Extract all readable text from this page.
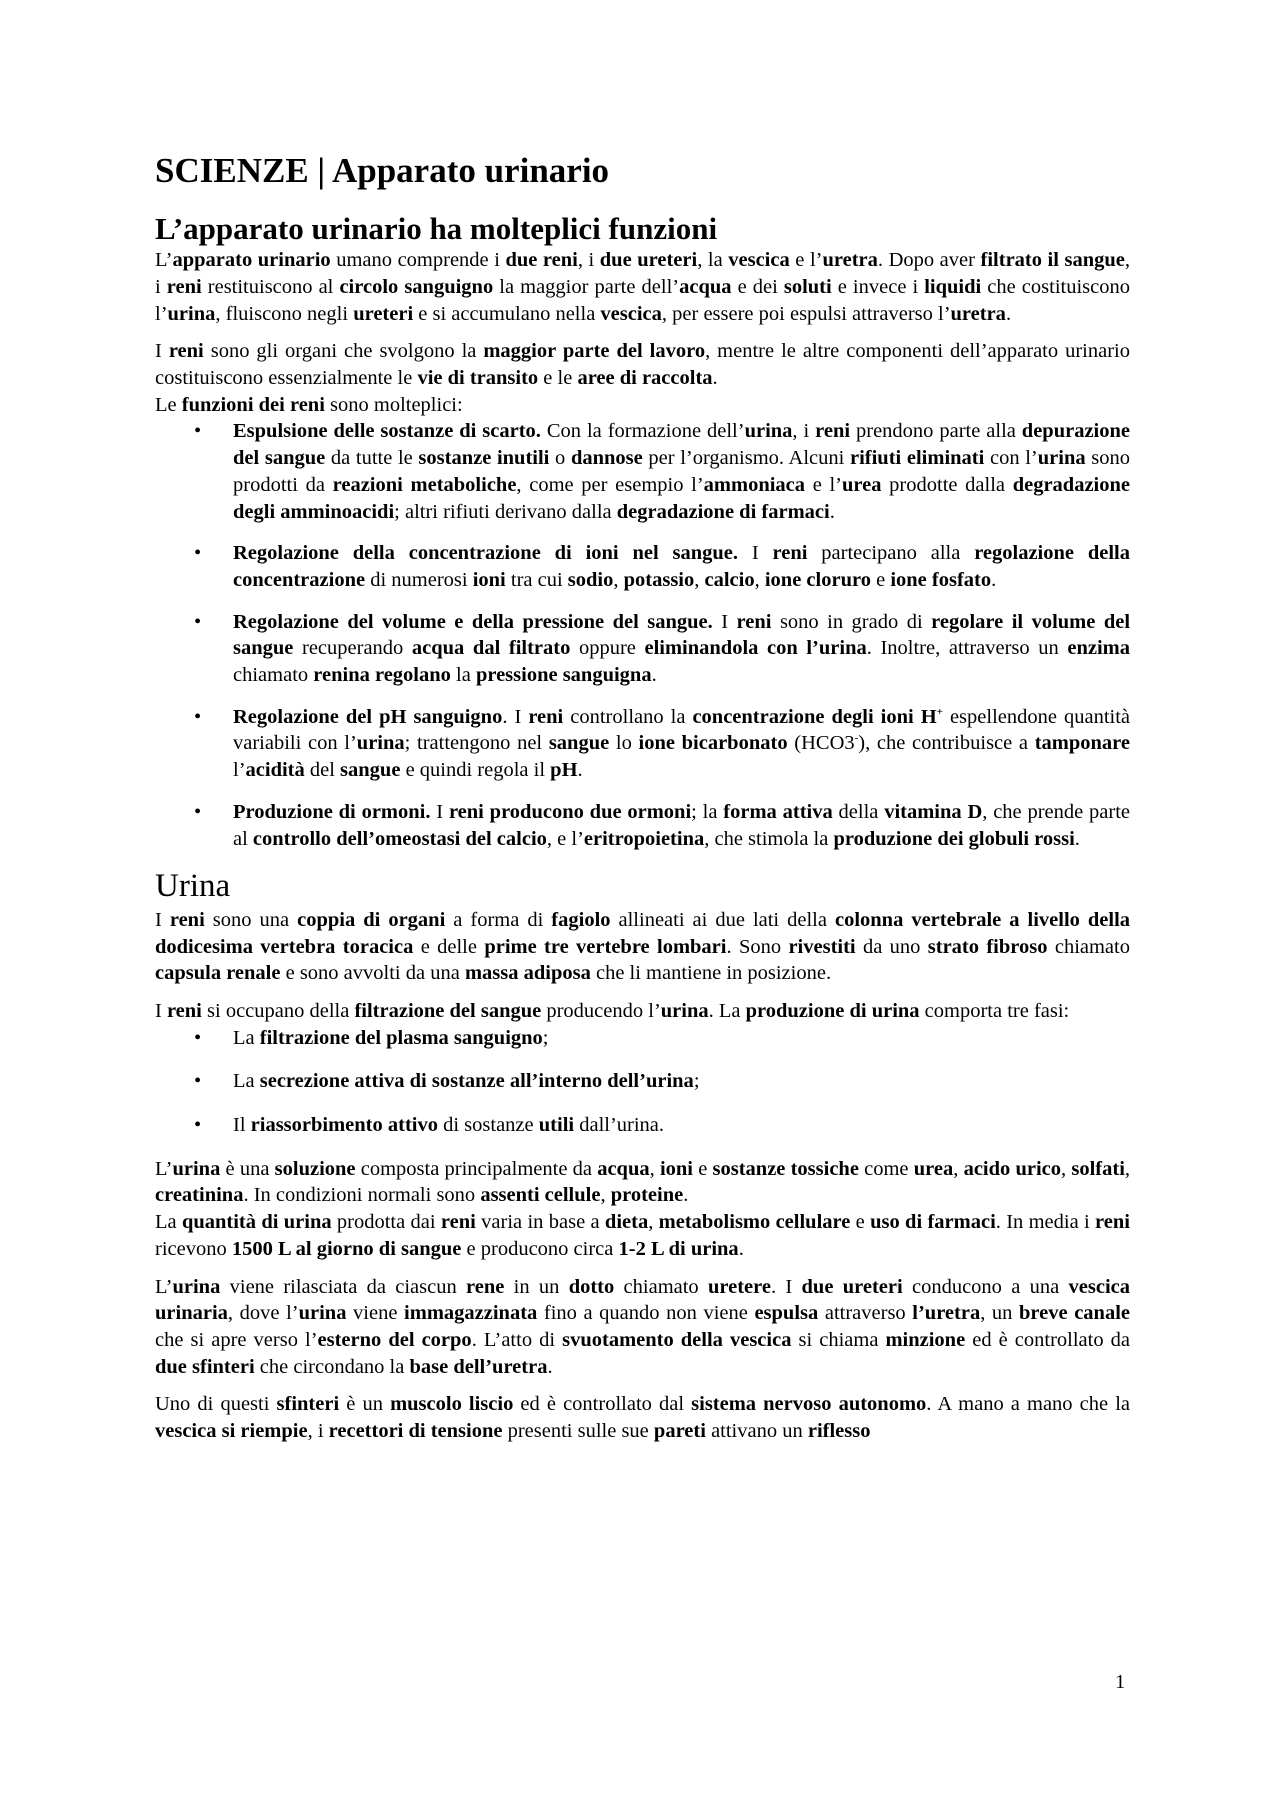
SCIENZE | Apparato urinario
L’apparato urinario ha molteplici funzioni

L’apparato urinario umano comprende i due reni, i due ureteri, la vescica e l’uretra. Dopo aver filtrato il sangue, i reni restituiscono al circolo sanguigno la maggior parte dell’acqua e dei soluti e invece i liquidi che costituiscono l’urina, fluiscono negli ureteri e si accumulano nella vescica, per essere poi espulsi attraverso l’uretra.

I reni sono gli organi che svolgono la maggior parte del lavoro, mentre le altre componenti dell’apparato urinario costituiscono essenzialmente le vie di transito e le aree di raccolta.

Le funzioni dei reni sono molteplici:

• Espulsione delle sostanze di scarto. Con la formazione dell’urina, i reni prendono parte alla depurazione del sangue da tutte le sostanze inutili o dannose per l’organismo. Alcuni rifiuti eliminati con l’urina sono prodotti da reazioni metaboliche, come per esempio l’ammoniaca e l’urea prodotte dalla degradazione degli amminoacidi; altri rifiuti derivano dalla degradazione di farmaci.
• Regolazione della concentrazione di ioni nel sangue. I reni partecipano alla regolazione della concentrazione di numerosi ioni tra cui sodio, potassio, calcio, ione cloruro e ione fosfato.
• Regolazione del volume e della pressione del sangue. I reni sono in grado di regolare il volume del sangue recuperando acqua dal filtrato oppure eliminandola con l’urina. Inoltre, attraverso un enzima chiamato renina regolano la pressione sanguigna.
• Regolazione del pH sanguigno. I reni controllano la concentrazione degli ioni H+ espellendone quantità variabili con l’urina; trattengono nel sangue lo ione bicarbonato (HCO3-), che contribuisce a tamponare l’acidità del sangue e quindi regola il pH.
• Produzione di ormoni. I reni producono due ormoni; la forma attiva della vitamina D, che prende parte al controllo dell’omeostasi del calcio, e l’eritropoietina, che stimola la produzione dei globuli rossi.
Urina

I reni sono una coppia di organi a forma di fagiolo allineati ai due lati della colonna vertebrale a livello della dodicesima vertebra toracica e delle prime tre vertebre lombari. Sono rivestiti da uno strato fibroso chiamato capsula renale e sono avvolti da una massa adiposa che li mantiene in posizione.

I reni si occupano della filtrazione del sangue producendo l’urina. La produzione di urina comporta tre fasi:

• La filtrazione del plasma sanguigno;
• La secrezione attiva di sostanze all’interno dell’urina;
• Il riassorbimento attivo di sostanze utili dall’urina.

L’urina è una soluzione composta principalmente da acqua, ioni e sostanze tossiche come urea, acido urico, solfati, creatinina. In condizioni normali sono assenti cellule, proteine.

La quantità di urina prodotta dai reni varia in base a dieta, metabolismo cellulare e uso di farmaci. In media i reni ricevono 1500 L al giorno di sangue e producono circa 1-2 L di urina.

L’urina viene rilasciata da ciascun rene in un dotto chiamato uretere. I due ureteri conducono a una vescica urinaria, dove l’urina viene immagazzinata fino a quando non viene espulsa attraverso l’uretra, un breve canale che si apre verso l’esterno del corpo. L’atto di svuotamento della vescica si chiama minzione ed è controllato da due sfinteri che circondano la base dell’uretra.

Uno di questi sfinteri è un muscolo liscio ed è controllato dal sistema nervoso autonomo. A mano a mano che la vescica si riempie, i recettori di tensione presenti sulle sue pareti attivano un riflesso

1
